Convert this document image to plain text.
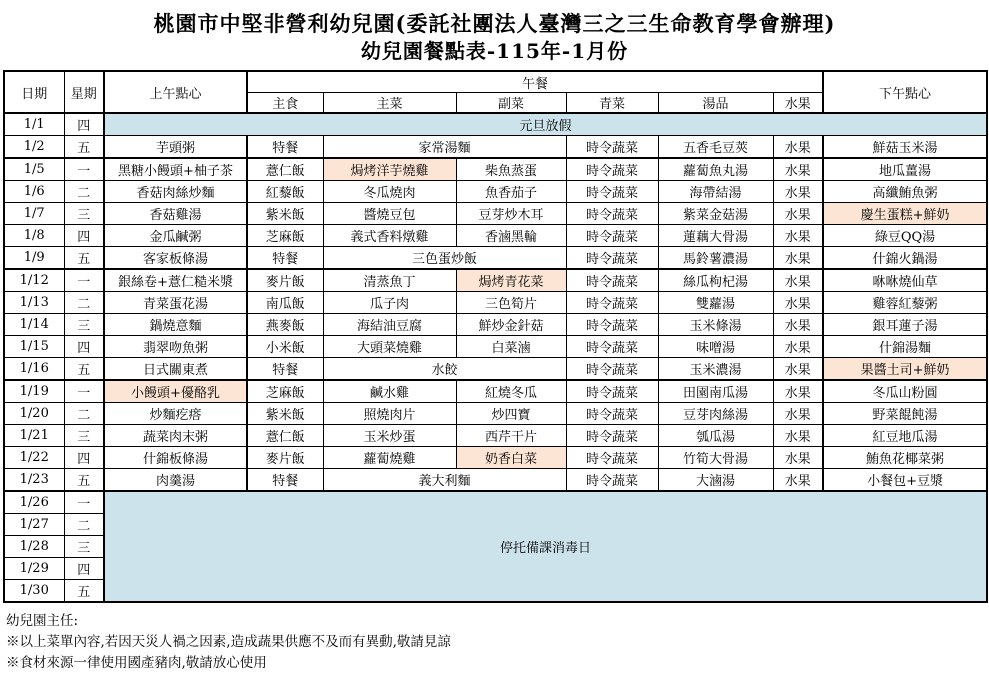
桃園市中堅非營利幼兒園(委託社團法人臺灣三之三生命教育學會辦理)
幼兒園餐點表-115年-1月份
日期	星期	上午點心	午餐						下午點心
			主食	主菜	副菜	青菜	湯品	水果	
1/1	四	元旦放假							
1/2	五	芋頭粥	特餐	家常湯麵		時令蔬菜	五香毛豆莢	水果	鮮菇玉米湯
1/5	一	黑糖小饅頭+柚子茶	薏仁飯	焗烤洋芋燒雞	柴魚蒸蛋	時令蔬菜	蘿蔔魚丸湯	水果	地瓜薑湯
1/6	二	香菇肉絲炒麵	紅藜飯	冬瓜燒肉	魚香茄子	時令蔬菜	海帶結湯	水果	高纖鮪魚粥
1/7	三	香菇雞湯	紫米飯	醬燒豆包	豆芽炒木耳	時令蔬菜	紫菜金菇湯	水果	慶生蛋糕+鮮奶
1/8	四	金瓜鹹粥	芝麻飯	義式香料燉雞	香滷黑輪	時令蔬菜	蓮藕大骨湯	水果	綠豆QQ湯
1/9	五	客家板條湯	特餐	三色蛋炒飯		時令蔬菜	馬鈴薯濃湯	水果	什錦火鍋湯
1/12	一	銀絲卷+薏仁糙米漿	麥片飯	清蒸魚丁	焗烤青花菜	時令蔬菜	絲瓜枸杞湯	水果	咻咻燒仙草
1/13	二	青菜蛋花湯	南瓜飯	瓜子肉	三色筍片	時令蔬菜	雙蘿湯	水果	雞蓉紅藜粥
1/14	三	鍋燒意麵	燕麥飯	海結油豆腐	鮮炒金針菇	時令蔬菜	玉米條湯	水果	銀耳蓮子湯
1/15	四	翡翠吻魚粥	小米飯	大頭菜燒雞	白菜滷	時令蔬菜	味噌湯	水果	什錦湯麵
1/16	五	日式關東煮	特餐	水餃		時令蔬菜	玉米濃湯	水果	果醬土司+鮮奶
1/19	一	小饅頭+優酪乳	芝麻飯	鹹水雞	紅燒冬瓜	時令蔬菜	田園南瓜湯	水果	冬瓜山粉圓
1/20	二	炒麵疙瘩	紫米飯	照燒肉片	炒四寶	時令蔬菜	豆芽肉絲湯	水果	野菜餛飩湯
1/21	三	蔬菜肉末粥	薏仁飯	玉米炒蛋	西芹干片	時令蔬菜	瓠瓜湯	水果	紅豆地瓜湯
1/22	四	什錦板條湯	麥片飯	蘿蔔燒雞	奶香白菜	時令蔬菜	竹筍大骨湯	水果	鮪魚花椰菜粥
1/23	五	肉羹湯	特餐	義大利麵		時令蔬菜	大滷湯	水果	小餐包+豆漿
1/26	一	停托備課消毒日							
1/27	二								
1/28	三								
1/29	四								
1/30	五								
幼兒園主任:
※以上菜單內容,若因天災人禍之因素,造成蔬果供應不及而有異動,敬請見諒
※食材來源一律使用國產豬肉,敬請放心使用
